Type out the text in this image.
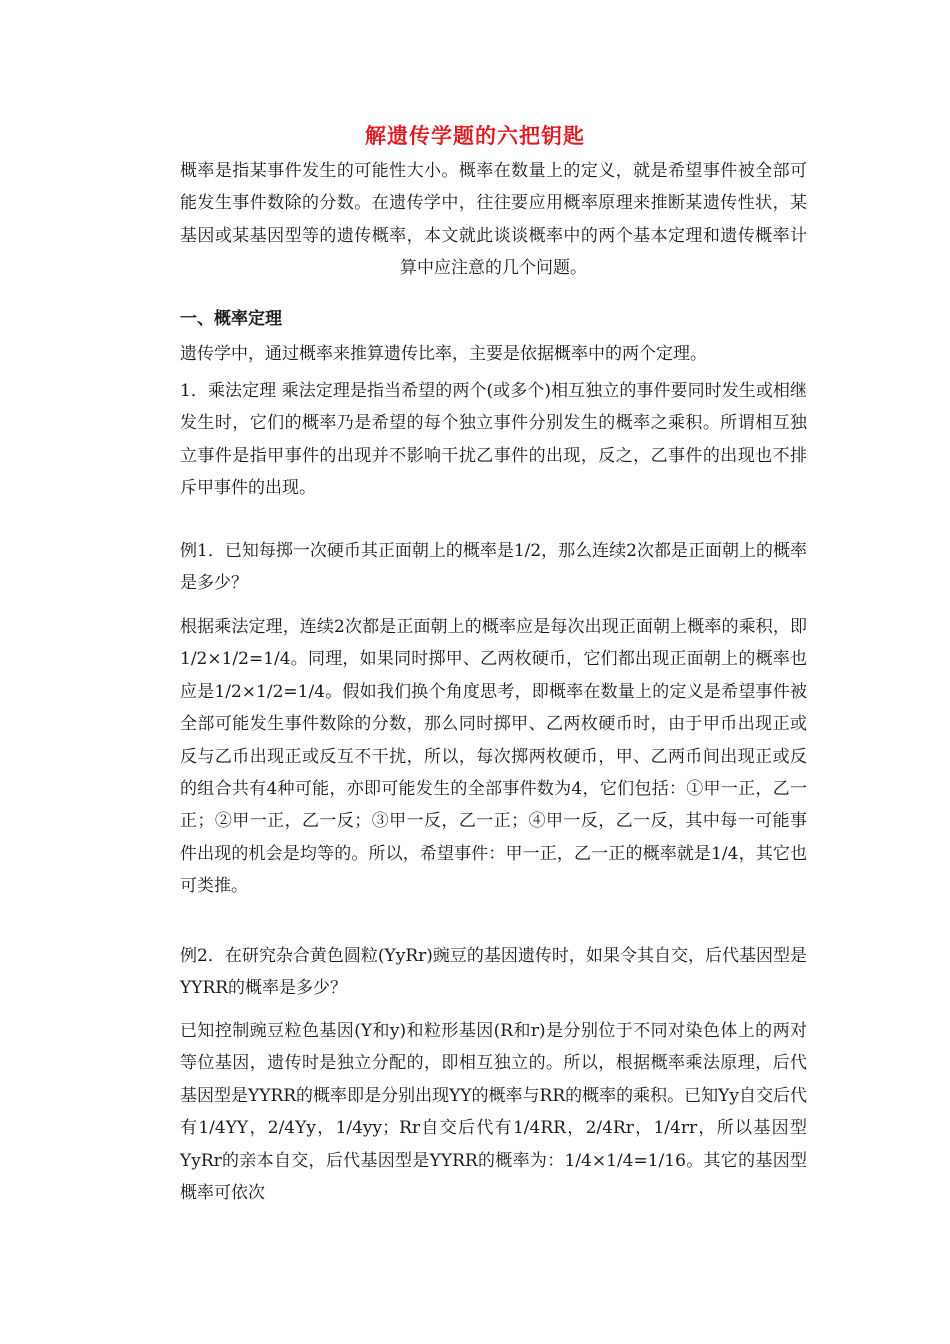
解遗传学题的六把钥匙
概率是指某事件发生的可能性大小。概率在数量上的定义，就是希望事件被全部可能发生事件数除的分数。在遗传学中，往往要应用概率原理来推断某遗传性状，某基因或某基因型等的遗传概率，本文就此谈谈概率中的两个基本定理和遗传概率计算中应注意的几个问题。
一、概率定理
遗传学中，通过概率来推算遗传比率，主要是依据概率中的两个定理。
1．乘法定理 乘法定理是指当希望的两个(或多个)相互独立的事件要同时发生或相继发生时，它们的概率乃是希望的每个独立事件分别发生的概率之乘积。所谓相互独立事件是指甲事件的出现并不影响干扰乙事件的出现，反之，乙事件的出现也不排斥甲事件的出现。
例1．已知每掷一次硬币其正面朝上的概率是1/2，那么连续2次都是正面朝上的概率是多少？
根据乘法定理，连续2次都是正面朝上的概率应是每次出现正面朝上概率的乘积，即1/2×1/2=1/4。同理，如果同时掷甲、乙两枚硬币，它们都出现正面朝上的概率也应是1/2×1/2=1/4。假如我们换个角度思考，即概率在数量上的定义是希望事件被全部可能发生事件数除的分数，那么同时掷甲、乙两枚硬币时，由于甲币出现正或反与乙币出现正或反互不干扰，所以，每次掷两枚硬币，甲、乙两币间出现正或反的组合共有4种可能，亦即可能发生的全部事件数为4，它们包括：①甲一正，乙一正；②甲一正，乙一反；③甲一反，乙一正；④甲一反，乙一反，其中每一可能事件出现的机会是均等的。所以，希望事件：甲一正，乙一正的概率就是1/4，其它也可类推。
例2．在研究杂合黄色圆粒(YyRr)豌豆的基因遗传时，如果令其自交，后代基因型是YYRR的概率是多少？
已知控制豌豆粒色基因(Y和y)和粒形基因(R和r)是分别位于不同对染色体上的两对等位基因，遗传时是独立分配的，即相互独立的。所以，根据概率乘法原理，后代基因型是YYRR的概率即是分别出现YY的概率与RR的概率的乘积。已知Yy自交后代有1/4YY，2/4Yy，1/4yy；Rr自交后代有1/4RR，2/4Rr，1/4rr，所以基因型YyRr的亲本自交，后代基因型是YYRR的概率为：1/4×1/4=1/16。其它的基因型概率可依次
